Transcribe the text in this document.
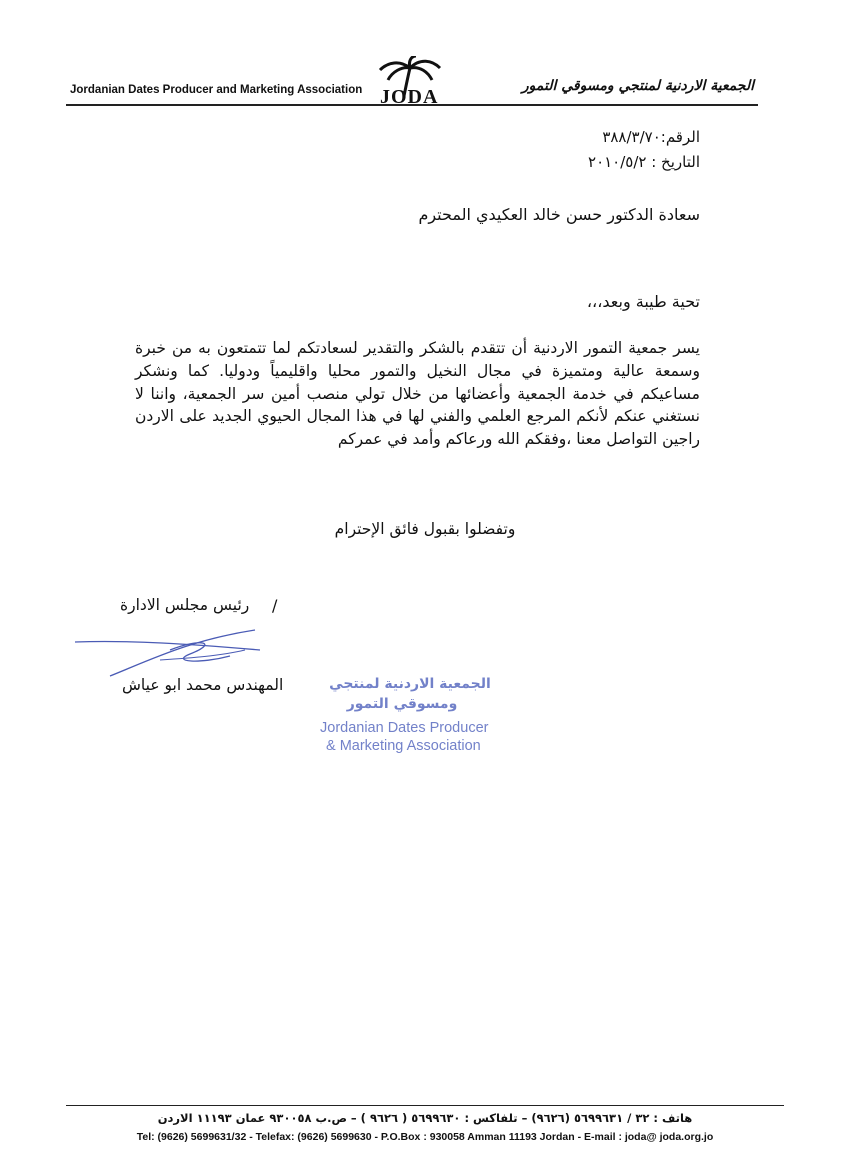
Jordanian Dates Producer and Marketing Association JODA	الجمعية الاردنية لمنتجي ومسوقي التمور
الرقم:٣٨٨/٣/٧٠
التاريخ : ٢٠١٠/٥/٢
سعادة الدكتور حسن خالد العكيدي المحترم
تحية طيبة وبعد،،،
يسر جمعية التمور الاردنية أن تتقدم بالشكر والتقدير لسعادتكم لما تتمتعون به من خبرة وسمعة عالية ومتميزة في مجال النخيل والتمور محليا واقليمياً ودوليا. كما ونشكر مساعيكم في خدمة الجمعية وأعضائها من خلال تولي منصب أمين سر الجمعية، واننا لا نستغني عنكم لأنكم المرجع العلمي والفني لها في هذا المجال الحيوي الجديد على الاردن راجين التواصل معنا ،وفقكم الله ورعاكم وأمد في عمركم
وتفضلوا بقبول فائق الإحترام
/
رئيس مجلس الادارة
المهندس محمد ابو عياش	الجمعية الاردنية لمنتجي
ومسوقي التمور
Jordanian Dates Producer
& Marketing Association
هاتف : ٣٢ / ٥٦٩٩٦٣١ (٩٦٢٦) – تلفاكس : ٥٦٩٩٦٣٠ ( ٩٦٢٦ ) – ص.ب ٩٣٠٠٥٨ عمان ١١١٩٣ الاردن
Tel: (9626) 5699631/32 - Telefax: (9626) 5699630 - P.O.Box : 930058 Amman 11193 Jordan - E-mail : joda@ joda.org.jo
